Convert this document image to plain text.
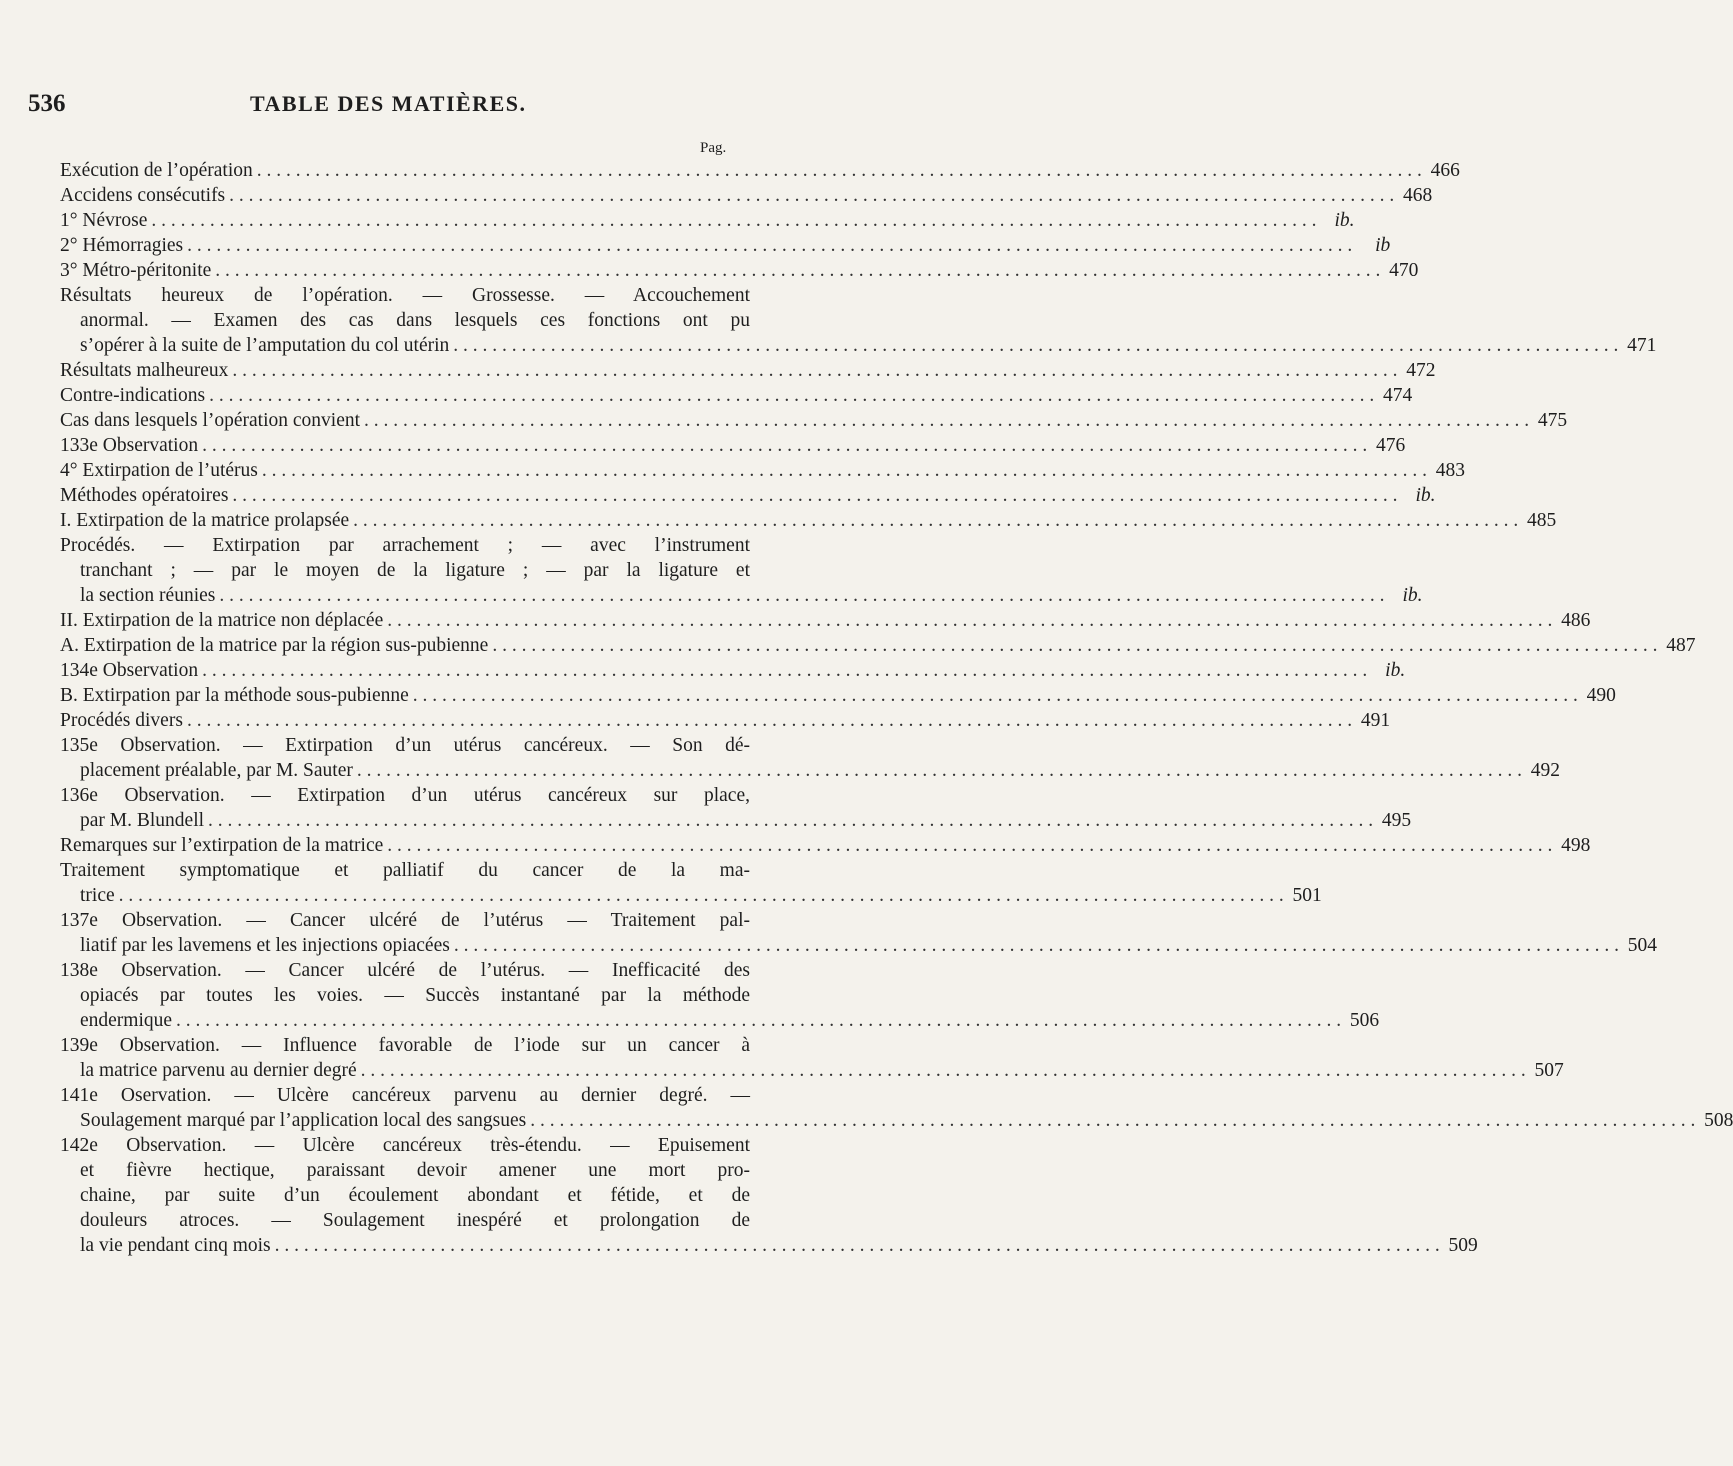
536	TABLE DES MATIÈRES.
Pag.
Exécution de l’opération . . . . . . . . . . . . . . . . . . . . . . . . . . . . . . . . . . . . . . . . . . . . . . . . . . . . . . . . . . . . . . . . . . . . . . . . . . . . . . . . . . . . . . . . . . . . . . . . . . . . . . . . . . . . . . . . . . . . . . . . 466
Accidens consécutifs . . . . . . . . . . . . . . . . . . . . . . . . . . . . . . . . . . . . . . . . . . . . . . . . . . . . . . . . . . . . . . . . . . . . . . . . . . . . . . . . . . . . . . . . . . . . . . . . . . . . . . . . . . . . . . . . . . . . . . . . 468
1° Névrose . . . . . . . . . . . . . . . . . . . . . . . . . . . . . . . . . . . . . . . . . . . . . . . . . . . . . . . . . . . . . . . . . . . . . . . . . . . . . . . . . . . . . . . . . . . . . . . . . . . . . . . . . . . . . . . . . . . . . . . . ib.
2° Hémorragies . . . . . . . . . . . . . . . . . . . . . . . . . . . . . . . . . . . . . . . . . . . . . . . . . . . . . . . . . . . . . . . . . . . . . . . . . . . . . . . . . . . . . . . . . . . . . . . . . . . . . . . . . . . . . . . . . . . . . . . .	ib
3° Métro-péritonite . . . . . . . . . . . . . . . . . . . . . . . . . . . . . . . . . . . . . . . . . . . . . . . . . . . . . . . . . . . . . . . . . . . . . . . . . . . . . . . . . . . . . . . . . . . . . . . . . . . . . . . . . . . . . . . . . . . . . . . . 470
Résultats heureux de l’opération. — Grossesse. — Accouchement
anormal. — Examen des cas dans lesquels ces fonctions ont pu
s’opérer à la suite de l’amputation du col utérin . . . . . . . . . . . . . . . . . . . . . . . . . . . . . . . . . . . . . . . . . . . . . . . . . . . . . . . . . . . . . . . . . . . . . . . . . . . . . . . . . . . . . . . . . . . . . . . . . . . . . . . . . . . . . . . . . . . . . . . . 471
Résultats malheureux . . . . . . . . . . . . . . . . . . . . . . . . . . . . . . . . . . . . . . . . . . . . . . . . . . . . . . . . . . . . . . . . . . . . . . . . . . . . . . . . . . . . . . . . . . . . . . . . . . . . . . . . . . . . . . . . . . . . . . . . 472
Contre-indications . . . . . . . . . . . . . . . . . . . . . . . . . . . . . . . . . . . . . . . . . . . . . . . . . . . . . . . . . . . . . . . . . . . . . . . . . . . . . . . . . . . . . . . . . . . . . . . . . . . . . . . . . . . . . . . . . . . . . . . . 474
Cas dans lesquels l’opération convient . . . . . . . . . . . . . . . . . . . . . . . . . . . . . . . . . . . . . . . . . . . . . . . . . . . . . . . . . . . . . . . . . . . . . . . . . . . . . . . . . . . . . . . . . . . . . . . . . . . . . . . . . . . . . . . . . . . . . . . . 475
133e Observation . . . . . . . . . . . . . . . . . . . . . . . . . . . . . . . . . . . . . . . . . . . . . . . . . . . . . . . . . . . . . . . . . . . . . . . . . . . . . . . . . . . . . . . . . . . . . . . . . . . . . . . . . . . . . . . . . . . . . . . . 476
4° Extirpation de l’utérus . . . . . . . . . . . . . . . . . . . . . . . . . . . . . . . . . . . . . . . . . . . . . . . . . . . . . . . . . . . . . . . . . . . . . . . . . . . . . . . . . . . . . . . . . . . . . . . . . . . . . . . . . . . . . . . . . . . . . . . . 483
Méthodes opératoires . . . . . . . . . . . . . . . . . . . . . . . . . . . . . . . . . . . . . . . . . . . . . . . . . . . . . . . . . . . . . . . . . . . . . . . . . . . . . . . . . . . . . . . . . . . . . . . . . . . . . . . . . . . . . . . . . . . . . . . . ib.
I. Extirpation de la matrice prolapsée . . . . . . . . . . . . . . . . . . . . . . . . . . . . . . . . . . . . . . . . . . . . . . . . . . . . . . . . . . . . . . . . . . . . . . . . . . . . . . . . . . . . . . . . . . . . . . . . . . . . . . . . . . . . . . . . . . . . . . . . 485
Procédés. — Extirpation par arrachement ; — avec l’instrument
tranchant ; — par le moyen de la ligature ; — par la ligature et
la section réunies . . . . . . . . . . . . . . . . . . . . . . . . . . . . . . . . . . . . . . . . . . . . . . . . . . . . . . . . . . . . . . . . . . . . . . . . . . . . . . . . . . . . . . . . . . . . . . . . . . . . . . . . . . . . . . . . . . . . . . . . ib.
II. Extirpation de la matrice non déplacée . . . . . . . . . . . . . . . . . . . . . . . . . . . . . . . . . . . . . . . . . . . . . . . . . . . . . . . . . . . . . . . . . . . . . . . . . . . . . . . . . . . . . . . . . . . . . . . . . . . . . . . . . . . . . . . . . . . . . . . . 486
A. Extirpation de la matrice par la région sus-pubienne . . . . . . . . . . . . . . . . . . . . . . . . . . . . . . . . . . . . . . . . . . . . . . . . . . . . . . . . . . . . . . . . . . . . . . . . . . . . . . . . . . . . . . . . . . . . . . . . . . . . . . . . . . . . . . . . . . . . . . . . 487
134e Observation . . . . . . . . . . . . . . . . . . . . . . . . . . . . . . . . . . . . . . . . . . . . . . . . . . . . . . . . . . . . . . . . . . . . . . . . . . . . . . . . . . . . . . . . . . . . . . . . . . . . . . . . . . . . . . . . . . . . . . . . ib.
B. Extirpation par la méthode sous-pubienne . . . . . . . . . . . . . . . . . . . . . . . . . . . . . . . . . . . . . . . . . . . . . . . . . . . . . . . . . . . . . . . . . . . . . . . . . . . . . . . . . . . . . . . . . . . . . . . . . . . . . . . . . . . . . . . . . . . . . . . . 490
Procédés divers . . . . . . . . . . . . . . . . . . . . . . . . . . . . . . . . . . . . . . . . . . . . . . . . . . . . . . . . . . . . . . . . . . . . . . . . . . . . . . . . . . . . . . . . . . . . . . . . . . . . . . . . . . . . . . . . . . . . . . . . 491
135e Observation. — Extirpation d’un utérus cancéreux. — Son dé-
placement préalable, par M. Sauter . . . . . . . . . . . . . . . . . . . . . . . . . . . . . . . . . . . . . . . . . . . . . . . . . . . . . . . . . . . . . . . . . . . . . . . . . . . . . . . . . . . . . . . . . . . . . . . . . . . . . . . . . . . . . . . . . . . . . . . . 492
136e Observation. — Extirpation d’un utérus cancéreux sur place,
par M. Blundell . . . . . . . . . . . . . . . . . . . . . . . . . . . . . . . . . . . . . . . . . . . . . . . . . . . . . . . . . . . . . . . . . . . . . . . . . . . . . . . . . . . . . . . . . . . . . . . . . . . . . . . . . . . . . . . . . . . . . . . . 495
Remarques sur l’extirpation de la matrice . . . . . . . . . . . . . . . . . . . . . . . . . . . . . . . . . . . . . . . . . . . . . . . . . . . . . . . . . . . . . . . . . . . . . . . . . . . . . . . . . . . . . . . . . . . . . . . . . . . . . . . . . . . . . . . . . . . . . . . . 498
Traitement symptomatique et palliatif du cancer de la ma-
trice . . . . . . . . . . . . . . . . . . . . . . . . . . . . . . . . . . . . . . . . . . . . . . . . . . . . . . . . . . . . . . . . . . . . . . . . . . . . . . . . . . . . . . . . . . . . . . . . . . . . . . . . . . . . . . . . . . . . . . . . 501
137e Observation. — Cancer ulcéré de l’utérus — Traitement pal-
liatif par les lavemens et les injections opiacées . . . . . . . . . . . . . . . . . . . . . . . . . . . . . . . . . . . . . . . . . . . . . . . . . . . . . . . . . . . . . . . . . . . . . . . . . . . . . . . . . . . . . . . . . . . . . . . . . . . . . . . . . . . . . . . . . . . . . . . . 504
138e Observation. — Cancer ulcéré de l’utérus. — Inefficacité des
opiacés par toutes les voies. — Succès instantané par la méthode
endermique . . . . . . . . . . . . . . . . . . . . . . . . . . . . . . . . . . . . . . . . . . . . . . . . . . . . . . . . . . . . . . . . . . . . . . . . . . . . . . . . . . . . . . . . . . . . . . . . . . . . . . . . . . . . . . . . . . . . . . . . 506
139e Observation. — Influence favorable de l’iode sur un cancer à
la matrice parvenu au dernier degré . . . . . . . . . . . . . . . . . . . . . . . . . . . . . . . . . . . . . . . . . . . . . . . . . . . . . . . . . . . . . . . . . . . . . . . . . . . . . . . . . . . . . . . . . . . . . . . . . . . . . . . . . . . . . . . . . . . . . . . . 507
141e Oservation. — Ulcère cancéreux parvenu au dernier degré. —
Soulagement marqué par l’application local des sangsues . . . . . . . . . . . . . . . . . . . . . . . . . . . . . . . . . . . . . . . . . . . . . . . . . . . . . . . . . . . . . . . . . . . . . . . . . . . . . . . . . . . . . . . . . . . . . . . . . . . . . . . . . . . . . . . . . . . . . . . . 508
142e Observation. — Ulcère cancéreux très-étendu. — Epuisement
et fièvre hectique, paraissant devoir amener une mort pro-
chaine, par suite d’un écoulement abondant et fétide, et de
douleurs atroces. — Soulagement inespéré et prolongation de
la vie pendant cinq mois . . . . . . . . . . . . . . . . . . . . . . . . . . . . . . . . . . . . . . . . . . . . . . . . . . . . . . . . . . . . . . . . . . . . . . . . . . . . . . . . . . . . . . . . . . . . . . . . . . . . . . . . . . . . . . . . . . . . . . . . 509
